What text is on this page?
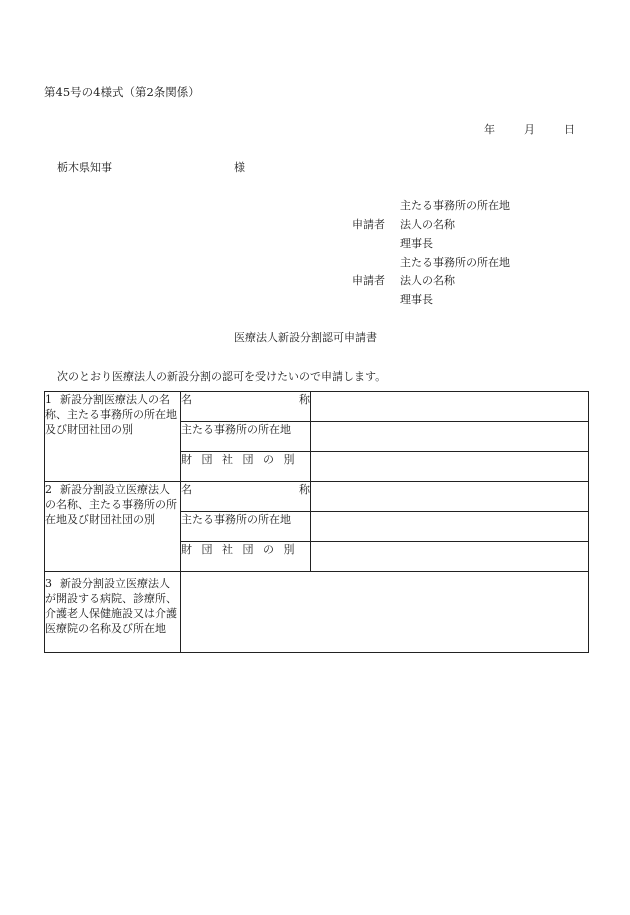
第45号の4様式（第2条関係）
年	月	日
栃木県知事	様
主たる事務所の所在地
申請者 法人の名称
理事長
主たる事務所の所在地
申請者 法人の名称
理事長
医療法人新設分割認可申請書
次のとおり医療法人の新設分割の認可を受けたいので申請します。
1 新設分割医療法人の名称、主たる事務所の所在地及び財団社団の別	名称	
	主たる事務所の所在地	
	財団社団の別	
2 新設分割設立医療法人の名称、主たる事務所の所在地及び財団社団の別	名称	
	主たる事務所の所在地	
	財団社団の別	
3 新設分割設立医療法人が開設する病院、診療所、介護老人保健施設又は介護医療院の名称及び所在地		
